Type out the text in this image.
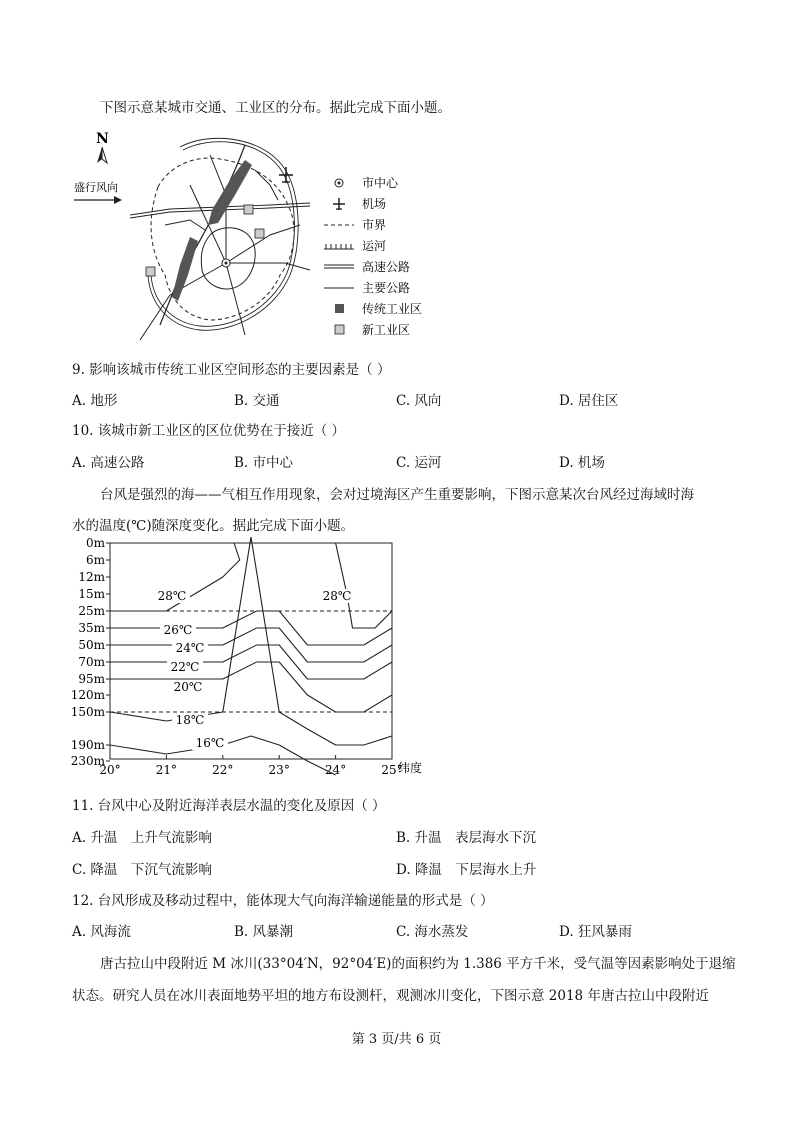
下图示意某城市交通、工业区的分布。据此完成下面小题。
N
盛行风向	市中心
机场
市界
运河
高速公路
主要公路
传统工业区
新工业区
9. 影响该城市传统工业区空间形态的主要因素是（ ）
A. 地形	B. 交通	C. 风向	D. 居住区
10. 该城市新工业区的区位优势在于接近（ ）
A. 高速公路	B. 市中心	C. 运河	D. 机场
台风是强烈的海——气相互作用现象，会对过境海区产生重要影响，下图示意某次台风经过海域时海
水的温度(℃)随深度变化。据此完成下面小题。
0m
6m
12m
15m
25m
35m
50m
70m
95m
120m
150m
190m
230m
20°	21°	22°	23°	24°	25°
纬度
28℃	28℃
26℃
24℃
22℃
20℃
18℃
16℃
11. 台风中心及附近海洋表层水温的变化及原因（ ）
A. 升温　上升气流影响	B. 升温　表层海水下沉
C. 降温　下沉气流影响	D. 降温　下层海水上升
12. 台风形成及移动过程中，能体现大气向海洋输递能量的形式是（ ）
A. 风海流	B. 风暴潮	C. 海水蒸发	D. 狂风暴雨
唐古拉山中段附近 M 冰川(33°04′N，92°04′E)的面积约为 1.386 平方千米，受气温等因素影响处于退缩
状态。研究人员在冰川表面地势平坦的地方布设测杆，观测冰川变化，下图示意 2018 年唐古拉山中段附近
第 3 页/共 6 页
